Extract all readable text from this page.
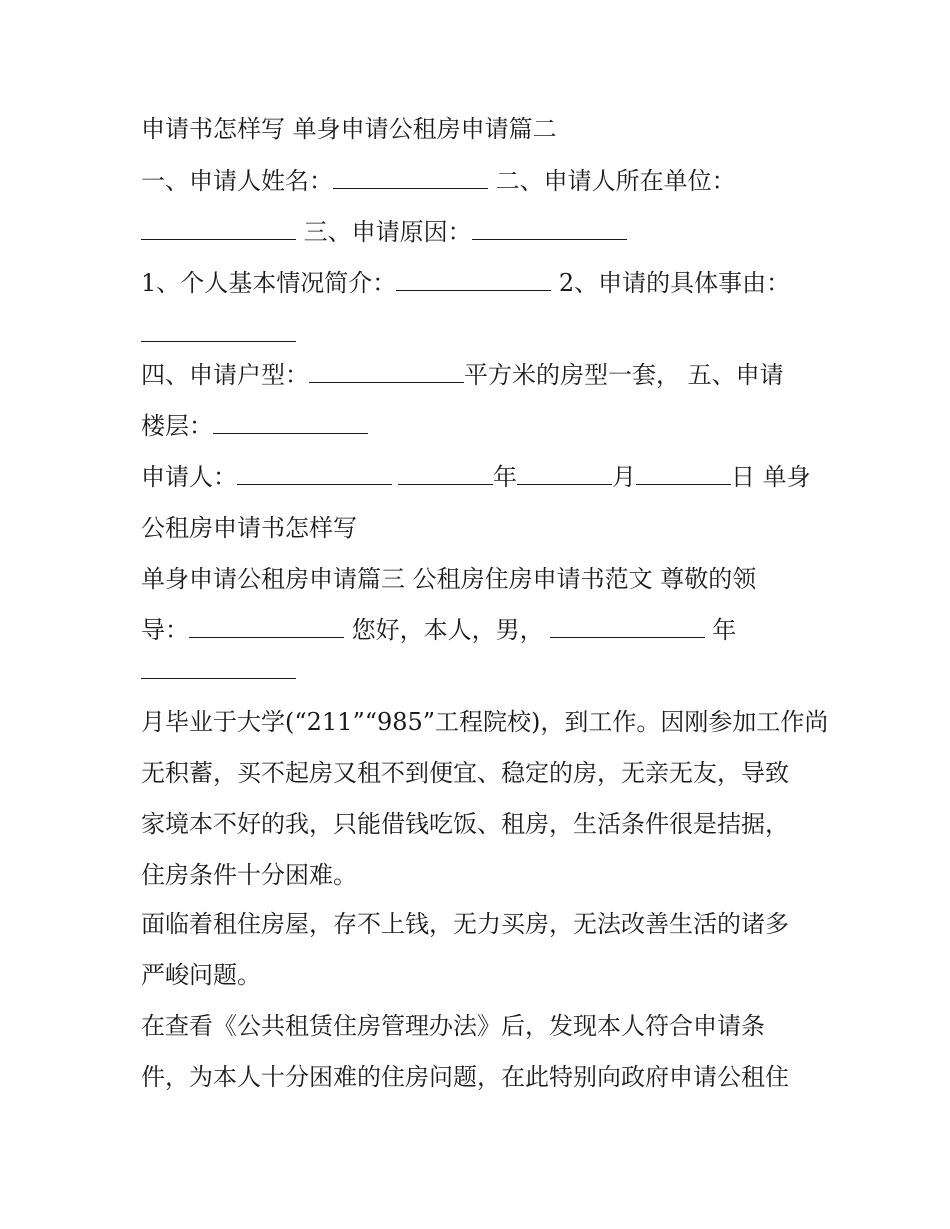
申请书怎样写 单身申请公租房申请篇二
一、申请人姓名：	二、申请人所在单位：
三、申请原因：
1、个人基本情况简介：	2、申请的具体事由：
四、申请户型：	平方米的房型一套， 五、申请
楼层：
申请人：	年	月	日 单身
公租房申请书怎样写
单身申请公租房申请篇三 公租房住房申请书范文 尊敬的领
导：	您好，本人，男，	年
月毕业于大学(“211”“985”工程院校)，到工作。因刚参加工作尚
无积蓄，买不起房又租不到便宜、稳定的房，无亲无友，导致
家境本不好的我，只能借钱吃饭、租房，生活条件很是拮据，
住房条件十分困难。
面临着租住房屋，存不上钱，无力买房，无法改善生活的诸多
严峻问题。
在查看《公共租赁住房管理办法》后，发现本人符合申请条
件，为本人十分困难的住房问题，在此特别向政府申请公租住
